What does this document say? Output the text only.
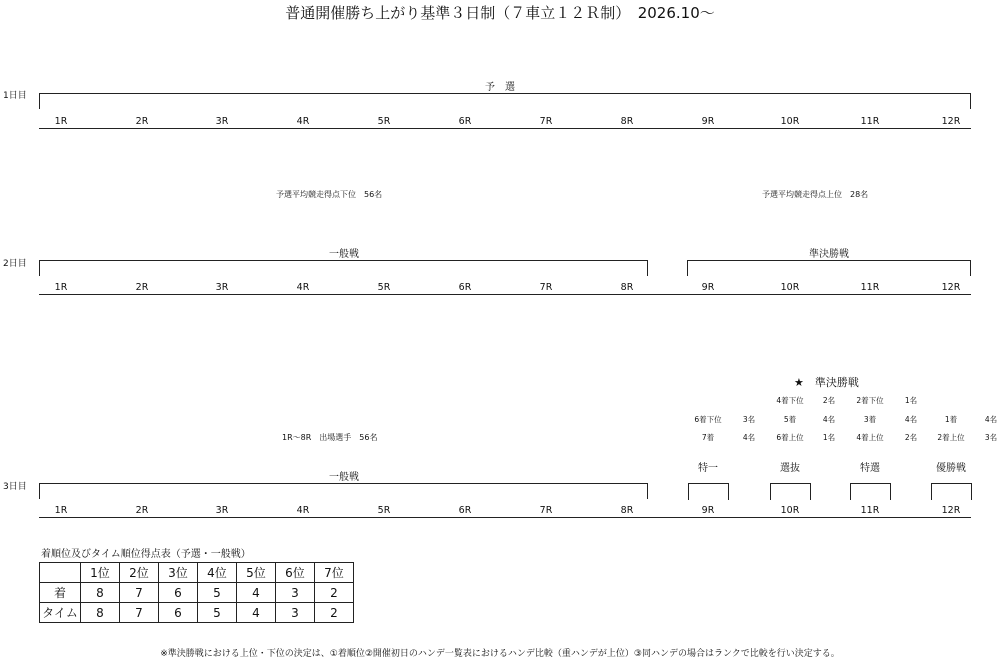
普通開催勝ち上がり基準３日制（７車立１２Ｒ制）　2026.10～
1日目
予　選
1R	2R	3R	4R	5R	6R	7R	8R	9R	10R	11R	12R
予選平均競走得点下位　56名	予選平均競走得点上位　28名
一般戦	準決勝戦
2日目
1R	2R	3R	4R	5R	6R	7R	8R	9R	10R	11R	12R
★　準決勝戦
4着下位	2名	2着下位	1名
6着下位	3名	5着	4名	3着	4名	1着	4名
7着	4名	6着上位	1名	4着上位	2名	2着上位	3名
1R～8R　出場選手　56名
特一	選抜	特選	優勝戦
一般戦
3日目
1R	2R	3R	4R	5R	6R	7R	8R	9R	10R	11R	12R
着順位及びタイム順位得点表（予選・一般戦）
	1位	2位	3位	4位	5位	6位	7位
着	8	7	6	5	4	3	2
タイム	8	7	6	5	4	3	2
※準決勝戦における上位・下位の決定は、①着順位②開催初日のハンデ一覧表におけるハンデ比較（重ハンデが上位）③同ハンデの場合はランクで比較を行い決定する。
